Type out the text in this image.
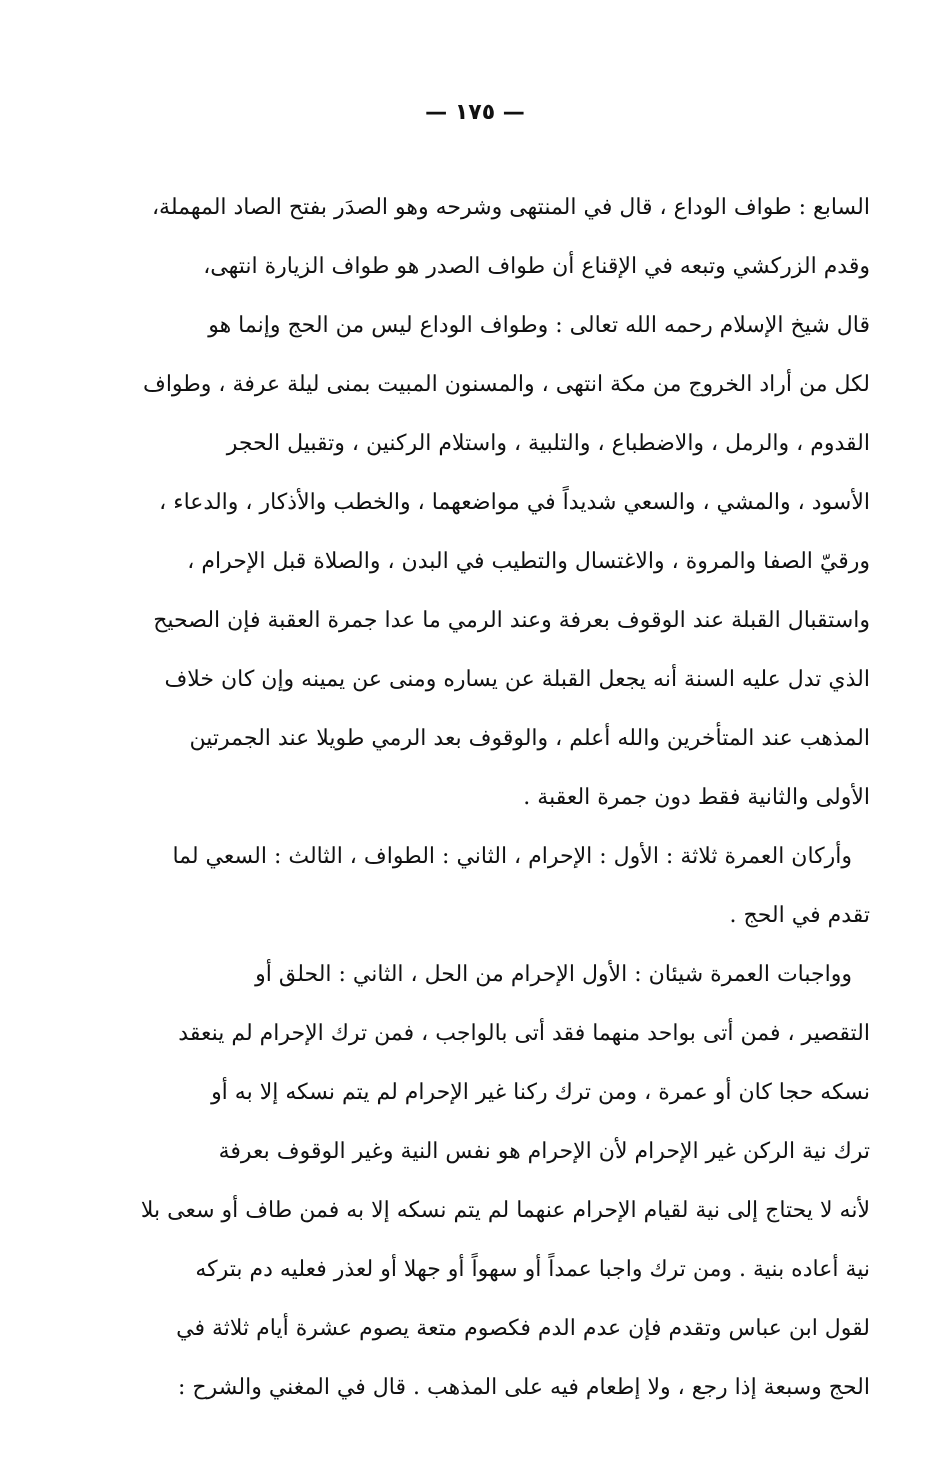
— ١٧٥ —
السابع : طواف الوداع ، قال في المنتهى وشرحه وهو الصدَر بفتح الصاد المهملة،
وقدم الزركشي وتبعه في الإقناع أن طواف الصدر هو طواف الزيارة انتهى،
قال شيخ الإسلام رحمه الله تعالى : وطواف الوداع ليس من الحج وإنما هو
لكل من أراد الخروج من مكة انتهى ، والمسنون المبيت بمنى ليلة عرفة ، وطواف
القدوم ، والرمل ، والاضطباع ، والتلبية ، واستلام الركنين ، وتقبيل الحجر
الأسود ، والمشي ، والسعي شديداً في مواضعهما ، والخطب والأذكار ، والدعاء ،
ورقيّ الصفا والمروة ، والاغتسال والتطيب في البدن ، والصلاة قبل الإحرام ،
واستقبال القبلة عند الوقوف بعرفة وعند الرمي ما عدا جمرة العقبة فإن الصحيح
الذي تدل عليه السنة أنه يجعل القبلة عن يساره ومنى عن يمينه وإن كان خلاف
المذهب عند المتأخرين والله أعلم ، والوقوف بعد الرمي طويلا عند الجمرتين
الأولى والثانية فقط دون جمرة العقبة .
وأركان العمرة ثلاثة : الأول : الإحرام ، الثاني : الطواف ، الثالث : السعي لما
تقدم في الحج .
وواجبات العمرة شيئان : الأول الإحرام من الحل ، الثاني : الحلق أو
التقصير ، فمن أتى بواحد منهما فقد أتى بالواجب ، فمن ترك الإحرام لم ينعقد
نسكه حجا كان أو عمرة ، ومن ترك ركنا غير الإحرام لم يتم نسكه إلا به أو
ترك نية الركن غير الإحرام لأن الإحرام هو نفس النية وغير الوقوف بعرفة
لأنه لا يحتاج إلى نية لقيام الإحرام عنهما لم يتم نسكه إلا به فمن طاف أو سعى بلا
نية أعاده بنية . ومن ترك واجبا عمداً أو سهواً أو جهلا أو لعذر فعليه دم بتركه
لقول ابن عباس وتقدم فإن عدم الدم فكصوم متعة يصوم عشرة أيام ثلاثة في
الحج وسبعة إذا رجع ، ولا إطعام فيه على المذهب . قال في المغني والشرح :
